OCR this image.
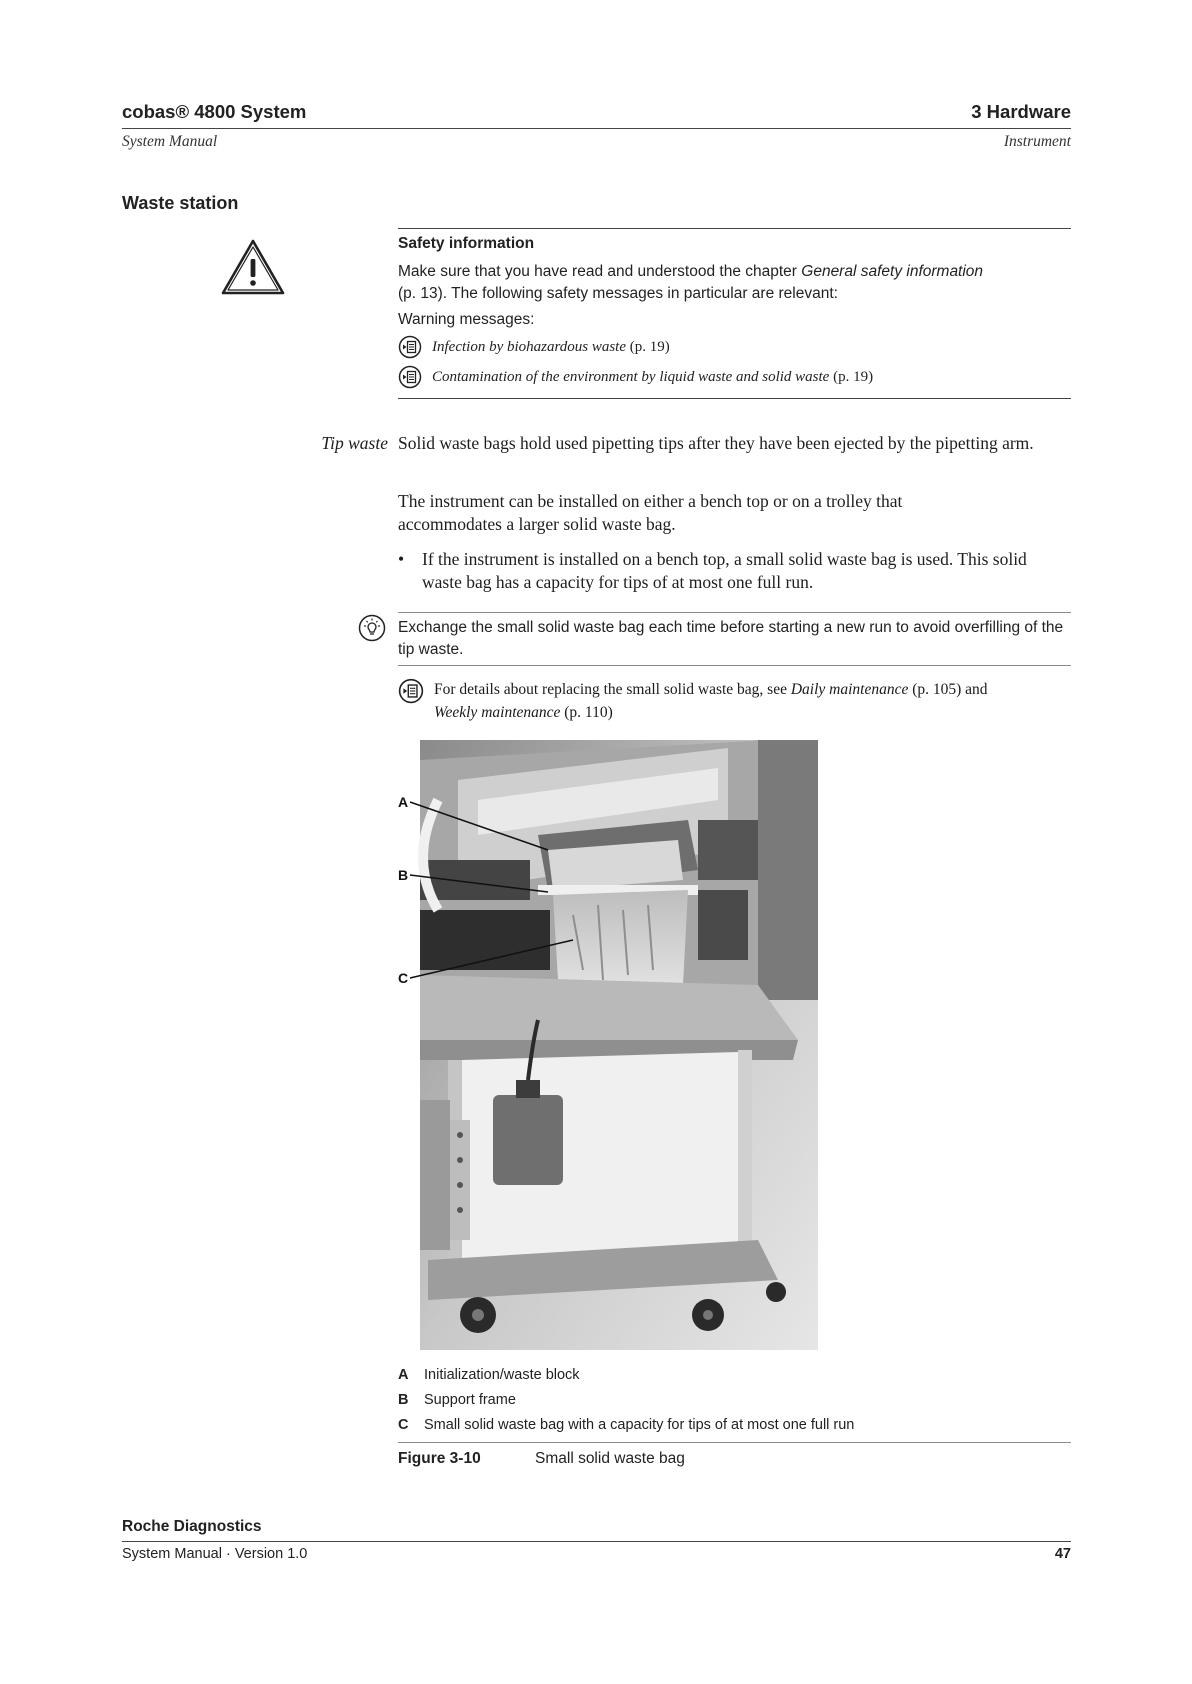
cobas® 4800 System	3 Hardware
System Manual	Instrument
Waste station
Safety information
Make sure that you have read and understood the chapter General safety information
(p. 13). The following safety messages in particular are relevant:
Warning messages:
Infection by biohazardous waste (p. 19)
Contamination of the environment by liquid waste and solid waste (p. 19)
Tip waste Solid waste bags hold used pipetting tips after they have been ejected by the pipetting arm.
The instrument can be installed on either a bench top or on a trolley that accommodates a larger solid waste bag.
• If the instrument is installed on a bench top, a small solid waste bag is used. This solid waste bag has a capacity for tips of at most one full run.
Exchange the small solid waste bag each time before starting a new run to avoid overfilling of the tip waste.
For details about replacing the small solid waste bag, see Daily maintenance (p. 105) and
Weekly maintenance (p. 110)
A
B
C
A	Initialization/waste block
B	Support frame
C	Small solid waste bag with a capacity for tips of at most one full run
Figure 3-10	Small solid waste bag
Roche Diagnostics
System Manual · Version 1.0	47
